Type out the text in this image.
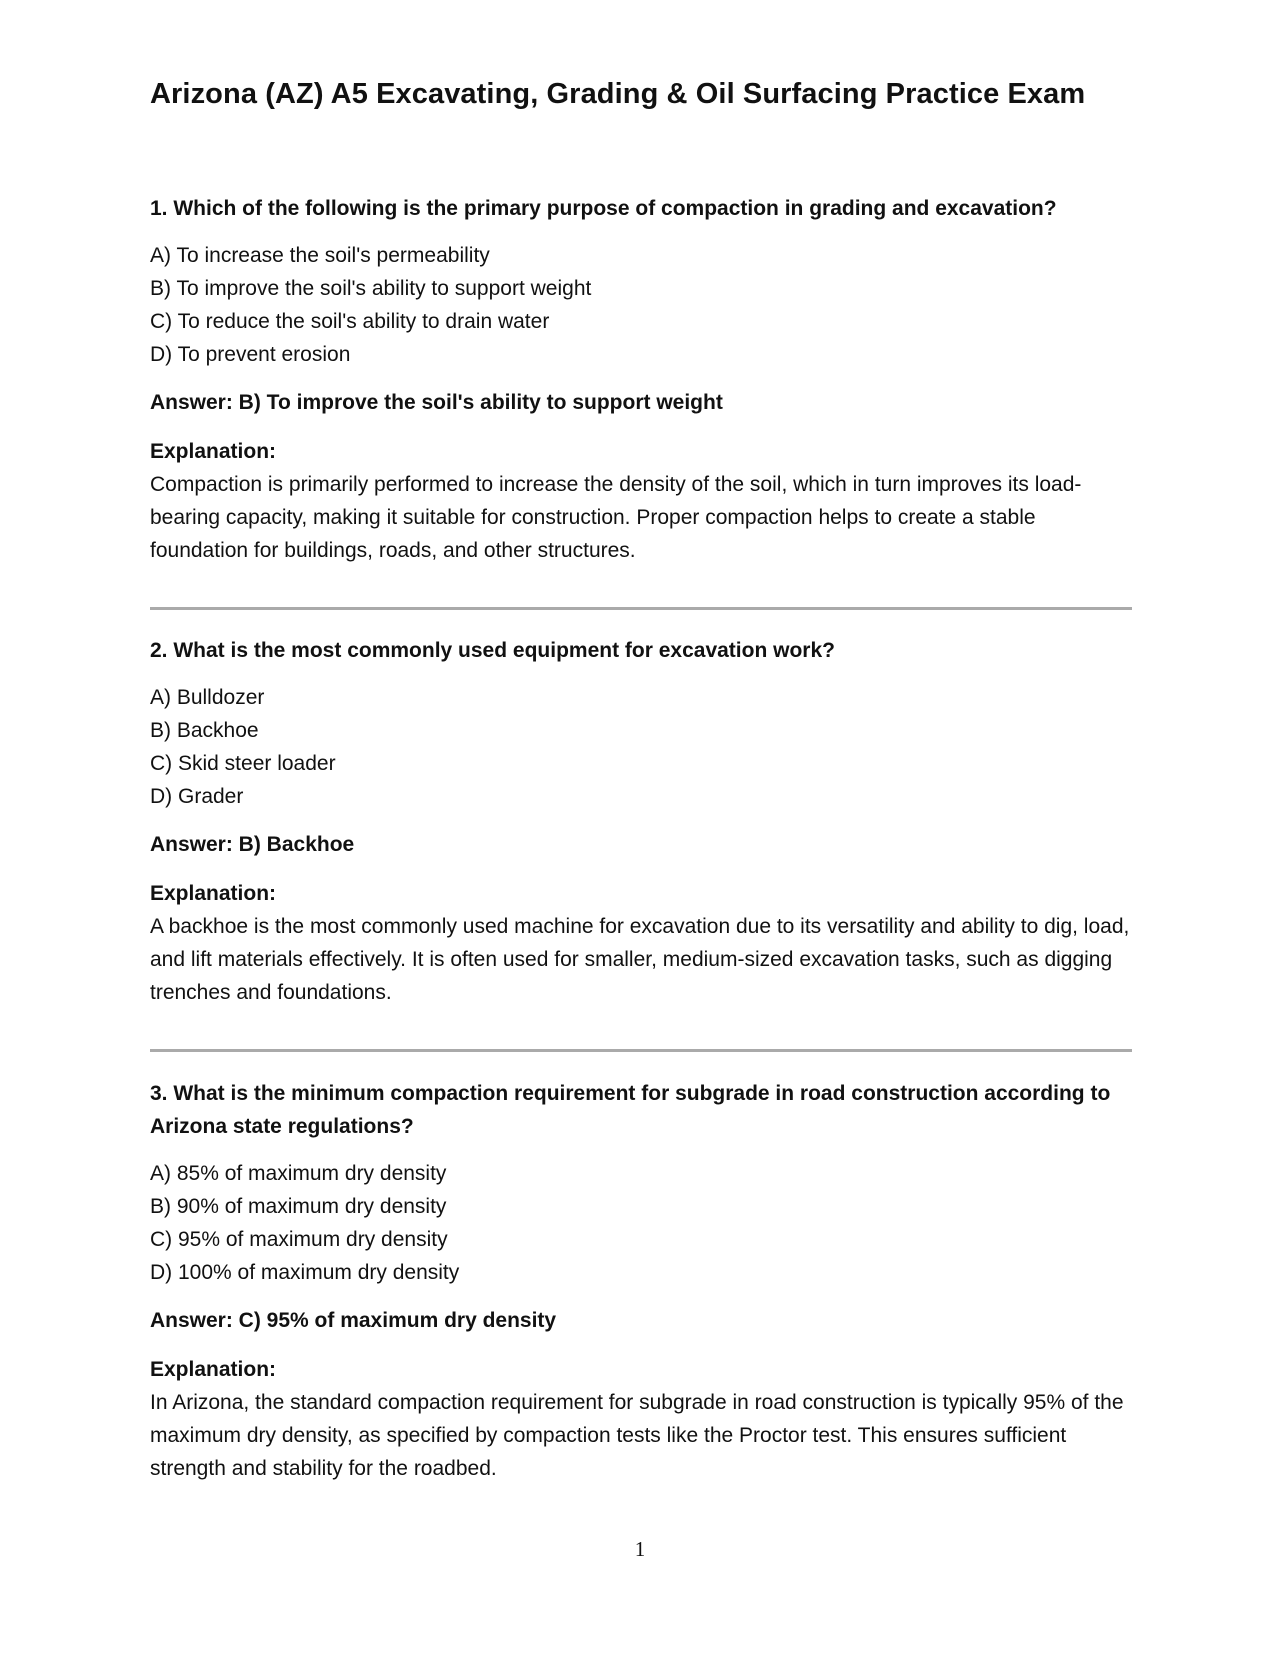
Arizona (AZ) A5 Excavating, Grading & Oil Surfacing Practice Exam

1. Which of the following is the primary purpose of compaction in grading and excavation?

A) To increase the soil's permeability
B) To improve the soil's ability to support weight
C) To reduce the soil's ability to drain water
D) To prevent erosion

Answer: B) To improve the soil's ability to support weight

Explanation:

Compaction is primarily performed to increase the density of the soil, which in turn improves its load-bearing capacity, making it suitable for construction. Proper compaction helps to create a stable foundation for buildings, roads, and other structures.

2. What is the most commonly used equipment for excavation work?

A) Bulldozer
B) Backhoe
C) Skid steer loader
D) Grader

Answer: B) Backhoe

Explanation:

A backhoe is the most commonly used machine for excavation due to its versatility and ability to dig, load, and lift materials effectively. It is often used for smaller, medium-sized excavation tasks, such as digging trenches and foundations.

3. What is the minimum compaction requirement for subgrade in road construction according to Arizona state regulations?

A) 85% of maximum dry density
B) 90% of maximum dry density
C) 95% of maximum dry density
D) 100% of maximum dry density

Answer: C) 95% of maximum dry density

Explanation:

In Arizona, the standard compaction requirement for subgrade in road construction is typically 95% of the maximum dry density, as specified by compaction tests like the Proctor test. This ensures sufficient strength and stability for the roadbed.

1
